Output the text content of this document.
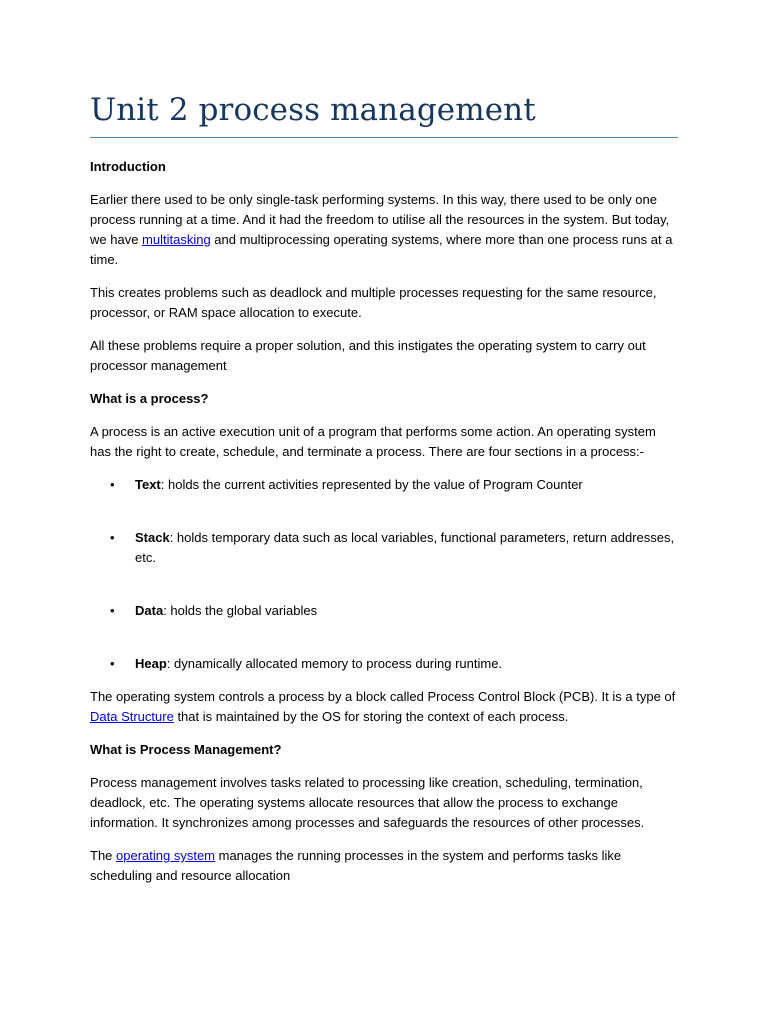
Unit 2 process management

Introduction

Earlier there used to be only single-task performing systems. In this way, there used to be only one process running at a time. And it had the freedom to utilise all the resources in the system. But today, we have multitasking and multiprocessing operating systems, where more than one process runs at a time.

This creates problems such as deadlock and multiple processes requesting for the same resource, processor, or RAM space allocation to execute.

All these problems require a proper solution, and this instigates the operating system to carry out processor management

What is a process?

A process is an active execution unit of a program that performs some action. An operating system has the right to create, schedule, and terminate a process. There are four sections in a process:-

• Text: holds the current activities represented by the value of Program Counter
• Stack: holds temporary data such as local variables, functional parameters, return addresses, etc.
• Data: holds the global variables
• Heap: dynamically allocated memory to process during runtime.

The operating system controls a process by a block called Process Control Block (PCB). It is a type of Data Structure that is maintained by the OS for storing the context of each process.

What is Process Management?

Process management involves tasks related to processing like creation, scheduling, termination, deadlock, etc. The operating systems allocate resources that allow the process to exchange information. It synchronizes among processes and safeguards the resources of other processes.

The operating system manages the running processes in the system and performs tasks like scheduling and resource allocation
